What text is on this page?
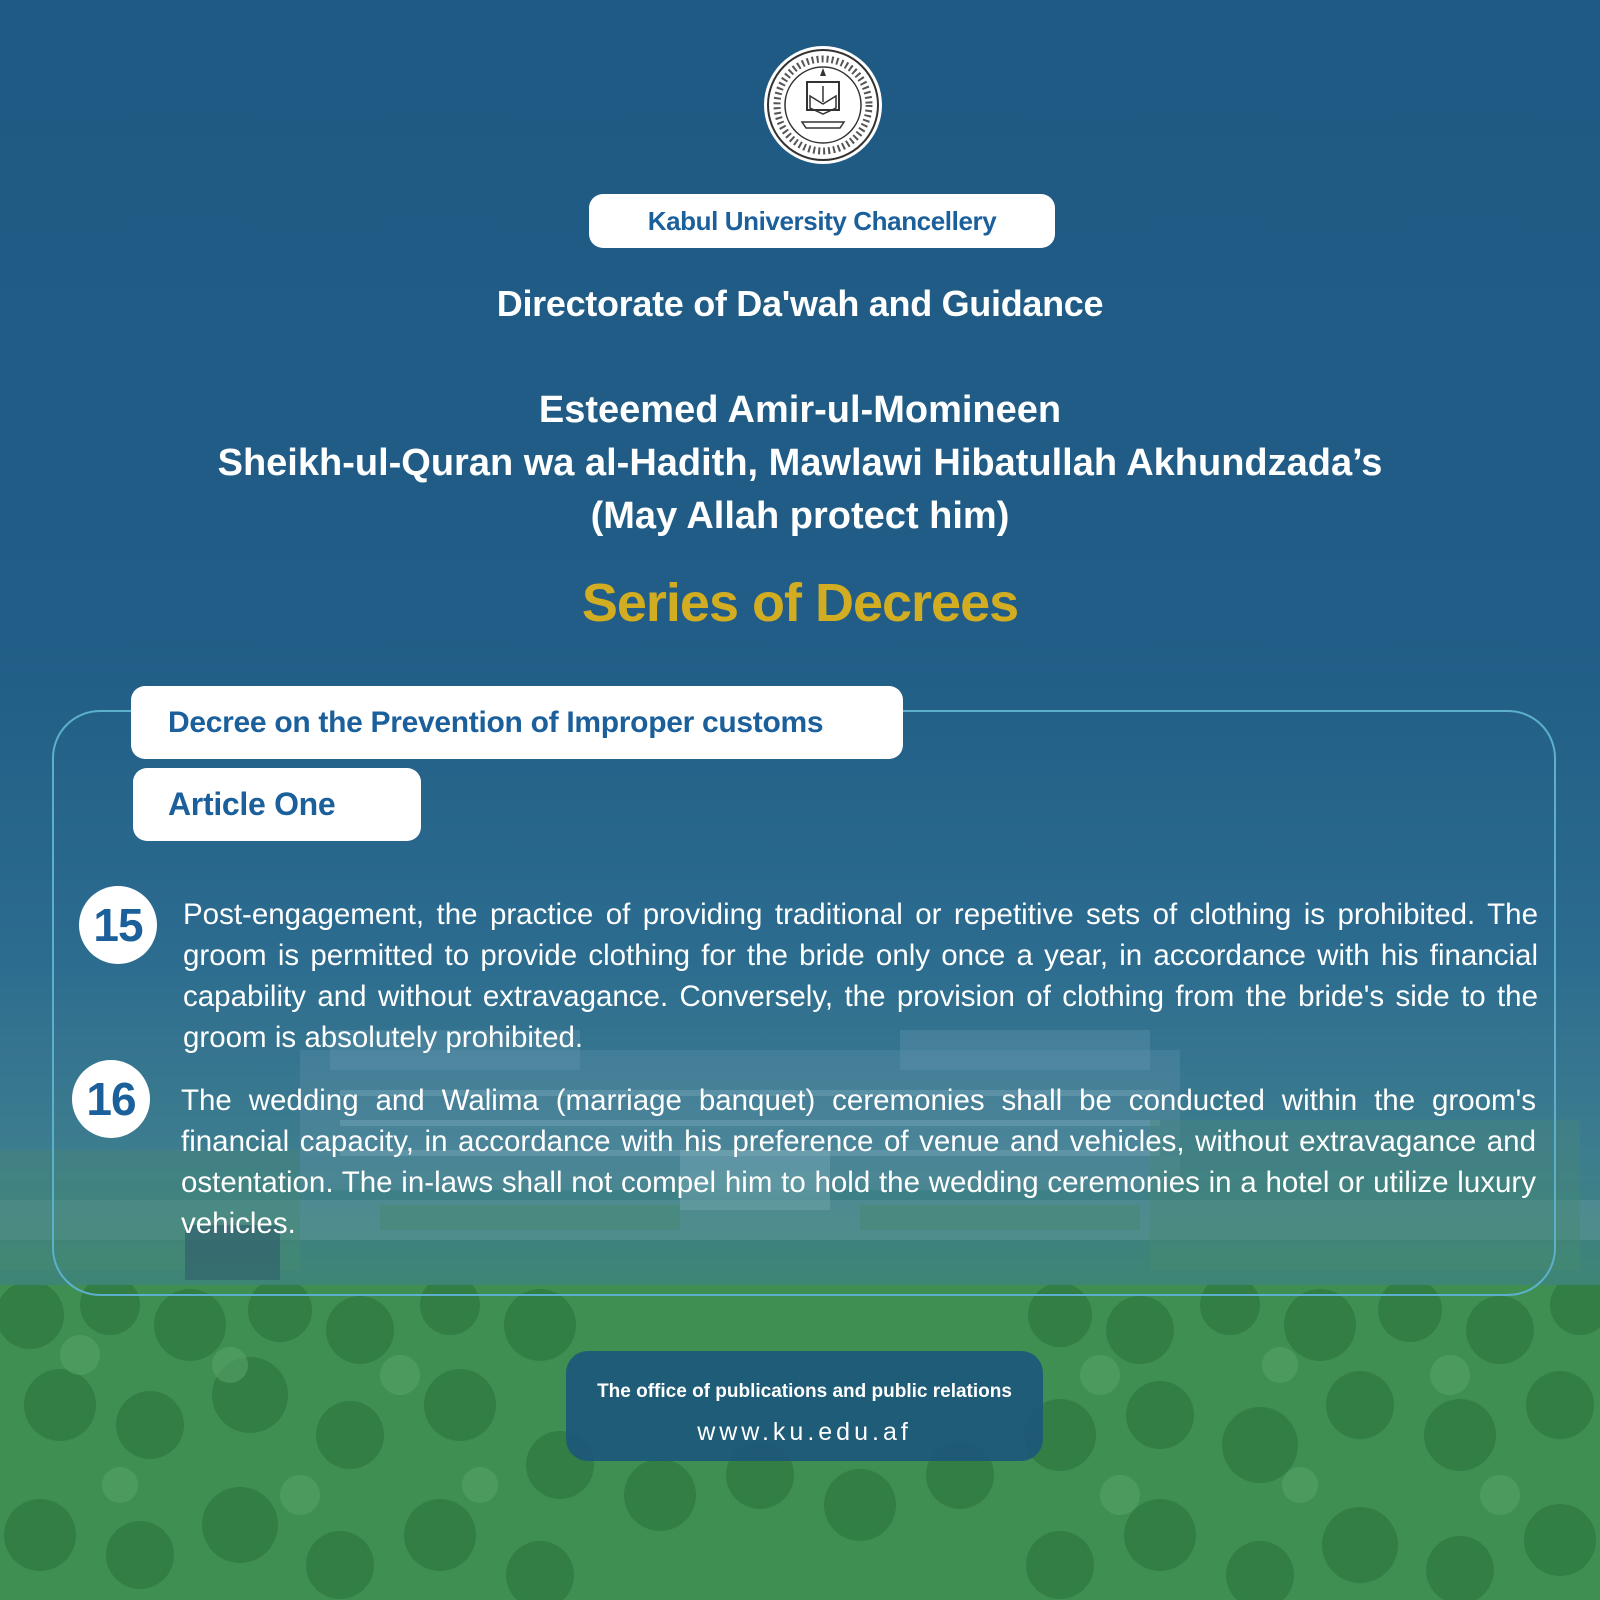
Kabul University Chancellery
Directorate of Da'wah and Guidance
Esteemed Amir-ul-Momineen
Sheikh-ul-Quran wa al-Hadith, Mawlawi Hibatullah Akhundzada’s
(May Allah protect him)
Series of Decrees
Decree on the Prevention of Improper customs
Article One
15	Post-engagement, the practice of providing traditional or repetitive sets of clothing is prohibited. The groom is permitted to provide clothing for the bride only once a year, in accordance with his financial capability and without extravagance. Conversely, the provision of clothing from the bride's side to the groom is absolutely prohibited.
16	The wedding and Walima (marriage banquet) ceremonies shall be conducted within the groom's financial capacity, in accordance with his preference of venue and vehicles, without extravagance and ostentation. The in-laws shall not compel him to hold the wedding ceremonies in a hotel or utilize luxury vehicles.
The office of publications and public relations
www.ku.edu.af
